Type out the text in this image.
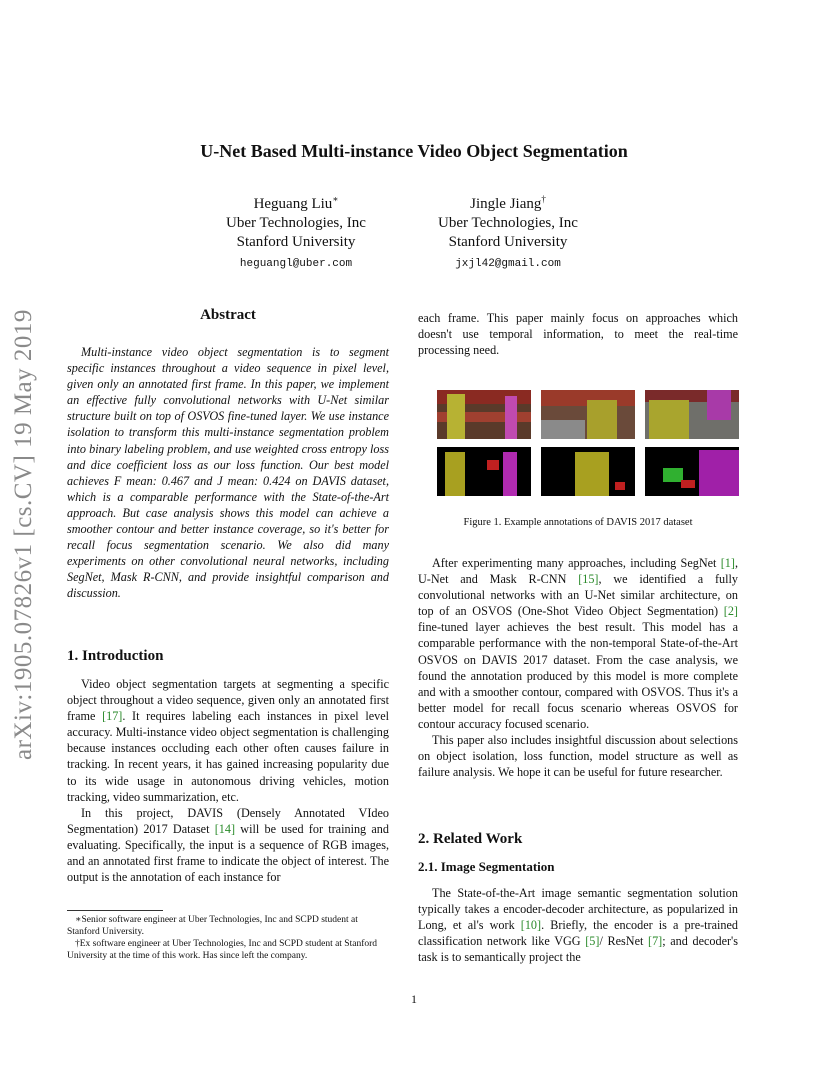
arXiv:1905.07826v1 [cs.CV] 19 May 2019
U-Net Based Multi-instance Video Object Segmentation
Heguang Liu∗
Uber Technologies, Inc
Stanford University
heguangl@uber.com
Jingle Jiang†
Uber Technologies, Inc
Stanford University
jxjl42@gmail.com
Abstract

Multi-instance video object segmentation is to segment specific instances throughout a video sequence in pixel level, given only an annotated first frame. In this paper, we implement an effective fully convolutional networks with U-Net similar structure built on top of OSVOS fine-tuned layer. We use instance isolation to transform this multi-instance segmentation problem into binary labeling problem, and use weighted cross entropy loss and dice coefficient loss as our loss function. Our best model achieves F mean: 0.467 and J mean: 0.424 on DAVIS dataset, which is a comparable performance with the State-of-the-Art approach. But case analysis shows this model can achieve a smoother contour and better instance coverage, so it's better for recall focus segmentation scenario. We also did many experiments on other convolutional neural networks, including SegNet, Mask R-CNN, and provide insightful comparison and discussion.

1. Introduction

Video object segmentation targets at segmenting a specific object throughout a video sequence, given only an annotated first frame [17]. It requires labeling each instances in pixel level accuracy. Multi-instance video object segmentation is challenging because instances occluding each other often causes failure in tracking. In recent years, it has gained increasing popularity due to its wide usage in autonomous driving vehicles, motion tracking, video summarization, etc.

In this project, DAVIS (Densely Annotated VIdeo Segmentation) 2017 Dataset [14] will be used for training and evaluating. Specifically, the input is a sequence of RGB images, and an annotated first frame to indicate the object of interest. The output is the annotation of each instance for

each frame. This paper mainly focus on approaches which doesn't use temporal information, to meet the real-time processing need.

Figure 1. Example annotations of DAVIS 2017 dataset

After experimenting many approaches, including SegNet [1], U-Net and Mask R-CNN [15], we identified a fully convolutional networks with an U-Net similar architecture, on top of an OSVOS (One-Shot Video Object Segmentation) [2] fine-tuned layer achieves the best result. This model has a comparable performance with the non-temporal State-of-the-Art OSVOS on DAVIS 2017 dataset. From the case analysis, we found the annotation produced by this model is more complete and with a smoother contour, compared with OSVOS. Thus it's a better model for recall focus scenario whereas OSVOS for contour accuracy focused scenario.

This paper also includes insightful discussion about selections on object isolation, loss function, model structure as well as failure analysis. We hope it can be useful for future researcher.

2. Related Work
2.1. Image Segmentation

The State-of-the-Art image semantic segmentation solution typically takes a encoder-decoder architecture, as popularized in Long, et al's work [10]. Briefly, the encoder is a pre-trained classification network like VGG [5]/ ResNet [7]; and decoder's task is to semantically project the

∗Senior software engineer at Uber Technologies, Inc and SCPD student at Stanford University.
†Ex software engineer at Uber Technologies, Inc and SCPD student at Stanford University at the time of this work. Has since left the company.
1
